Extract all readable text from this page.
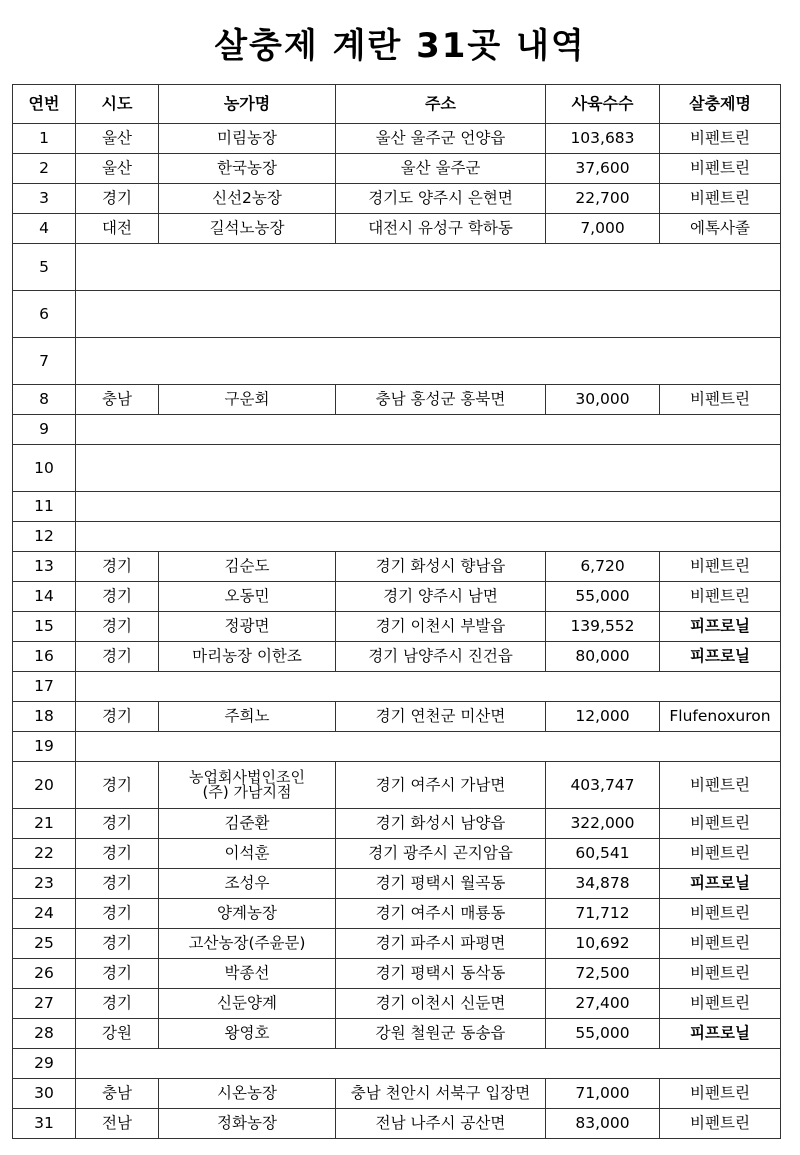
살충제 계란 31곳 내역
연번	시도	농가명	주소	사육수수	살충제명
1	울산	미림농장	울산 울주군 언양읍	103,683	비펜트린
2	울산	한국농장	울산 울주군	37,600	비펜트린
3	경기	신선2농장	경기도 양주시 은현면	22,700	비펜트린
4	대전	길석노농장	대전시 유성구 학하동	7,000	에톡사졸
5					
6					
7					
8	충남	구운회	충남 홍성군 홍북면	30,000	비펜트린
9					
10					
11					
12					
13	경기	김순도	경기 화성시 향남읍	6,720	비펜트린
14	경기	오동민	경기 양주시 남면	55,000	비펜트린
15	경기	정광면	경기 이천시 부발읍	139,552	피프로닐
16	경기	마리농장 이한조	경기 남양주시 진건읍	80,000	피프로닐
17					
18	경기	주희노	경기 연천군 미산면	12,000	Flufenoxuron
19					
20	경기	농업회사법인조인
(주) 가남지점	경기 여주시 가남면	403,747	비펜트린
21	경기	김준환	경기 화성시 남양읍	322,000	비펜트린
22	경기	이석훈	경기 광주시 곤지암읍	60,541	비펜트린
23	경기	조성우	경기 평택시 월곡동	34,878	피프로닐
24	경기	양계농장	경기 여주시 매룡동	71,712	비펜트린
25	경기	고산농장(주윤문)	경기 파주시 파평면	10,692	비펜트린
26	경기	박종선	경기 평택시 동삭동	72,500	비펜트린
27	경기	신둔양계	경기 이천시 신둔면	27,400	비펜트린
28	강원	왕영호	강원 철원군 동송읍	55,000	피프로닐
29					
30	충남	시온농장	충남 천안시 서북구 입장면	71,000	비펜트린
31	전남	정화농장	전남 나주시 공산면	83,000	비펜트린
